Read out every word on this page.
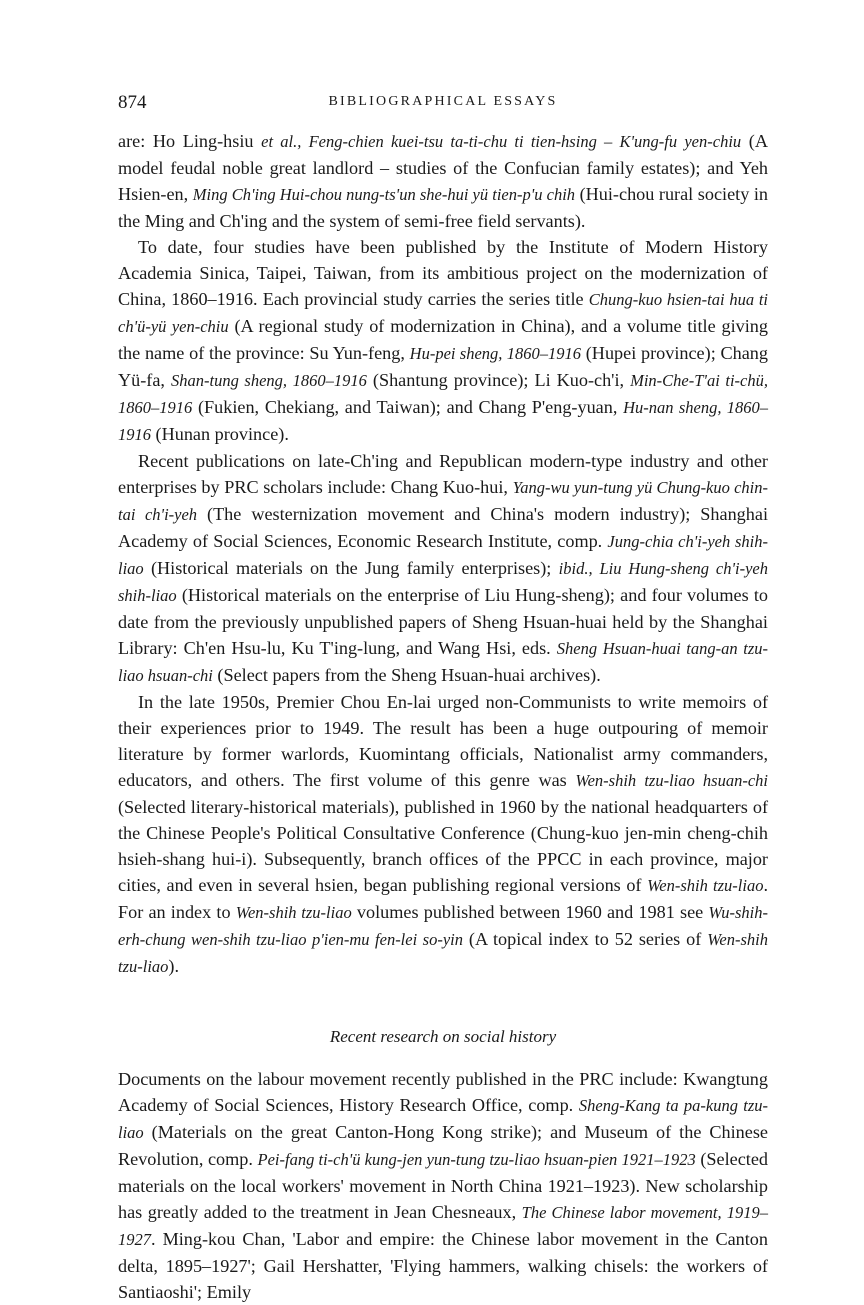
874	BIBLIOGRAPHICAL ESSAYS

are: Ho Ling-hsiu et al., Feng-chien kuei-tsu ta-ti-chu ti tien-hsing – K'ung-fu yen-chiu (A model feudal noble great landlord – studies of the Confucian family estates); and Yeh Hsien-en, Ming Ch'ing Hui-chou nung-ts'un she-hui yü tien-p'u chih (Hui-chou rural society in the Ming and Ch'ing and the system of semi-free field servants).

To date, four studies have been published by the Institute of Modern History Academia Sinica, Taipei, Taiwan, from its ambitious project on the modernization of China, 1860–1916. Each provincial study carries the series title Chung-kuo hsien-tai hua ti ch'ü-yü yen-chiu (A regional study of modernization in China), and a volume title giving the name of the province: Su Yun-feng, Hu-pei sheng, 1860–1916 (Hupei province); Chang Yü-fa, Shan-tung sheng, 1860–1916 (Shantung province); Li Kuo-ch'i, Min-Che-T'ai ti-chü, 1860–1916 (Fukien, Chekiang, and Taiwan); and Chang P'eng-yuan, Hu-nan sheng, 1860–1916 (Hunan province).

Recent publications on late-Ch'ing and Republican modern-type industry and other enterprises by PRC scholars include: Chang Kuo-hui, Yang-wu yun-tung yü Chung-kuo chin-tai ch'i-yeh (The westernization movement and China's modern industry); Shanghai Academy of Social Sciences, Economic Research Institute, comp. Jung-chia ch'i-yeh shih-liao (Historical materials on the Jung family enterprises); ibid., Liu Hung-sheng ch'i-yeh shih-liao (Historical materials on the enterprise of Liu Hung-sheng); and four volumes to date from the previously unpublished papers of Sheng Hsuan-huai held by the Shanghai Library: Ch'en Hsu-lu, Ku T'ing-lung, and Wang Hsi, eds. Sheng Hsuan-huai tang-an tzu-liao hsuan-chi (Select papers from the Sheng Hsuan-huai archives).

In the late 1950s, Premier Chou En-lai urged non-Communists to write memoirs of their experiences prior to 1949. The result has been a huge outpouring of memoir literature by former warlords, Kuomintang officials, Nationalist army commanders, educators, and others. The first volume of this genre was Wen-shih tzu-liao hsuan-chi (Selected literary-historical materials), published in 1960 by the national headquarters of the Chinese People's Political Consultative Conference (Chung-kuo jen-min cheng-chih hsieh-shang hui-i). Subsequently, branch offices of the PPCC in each province, major cities, and even in several hsien, began publishing regional versions of Wen-shih tzu-liao. For an index to Wen-shih tzu-liao volumes published between 1960 and 1981 see Wu-shih-erh-chung wen-shih tzu-liao p'ien-mu fen-lei so-yin (A topical index to 52 series of Wen-shih tzu-liao).

Recent research on social history

Documents on the labour movement recently published in the PRC include: Kwangtung Academy of Social Sciences, History Research Office, comp. Sheng-Kang ta pa-kung tzu-liao (Materials on the great Canton-Hong Kong strike); and Museum of the Chinese Revolution, comp. Pei-fang ti-ch'ü kung-jen yun-tung tzu-liao hsuan-pien 1921–1923 (Selected materials on the local workers' movement in North China 1921–1923). New scholarship has greatly added to the treatment in Jean Chesneaux, The Chinese labor movement, 1919–1927. Ming-kou Chan, 'Labor and empire: the Chinese labor movement in the Canton delta, 1895–1927'; Gail Hershatter, 'Flying hammers, walking chisels: the workers of Santiaoshi'; Emily
